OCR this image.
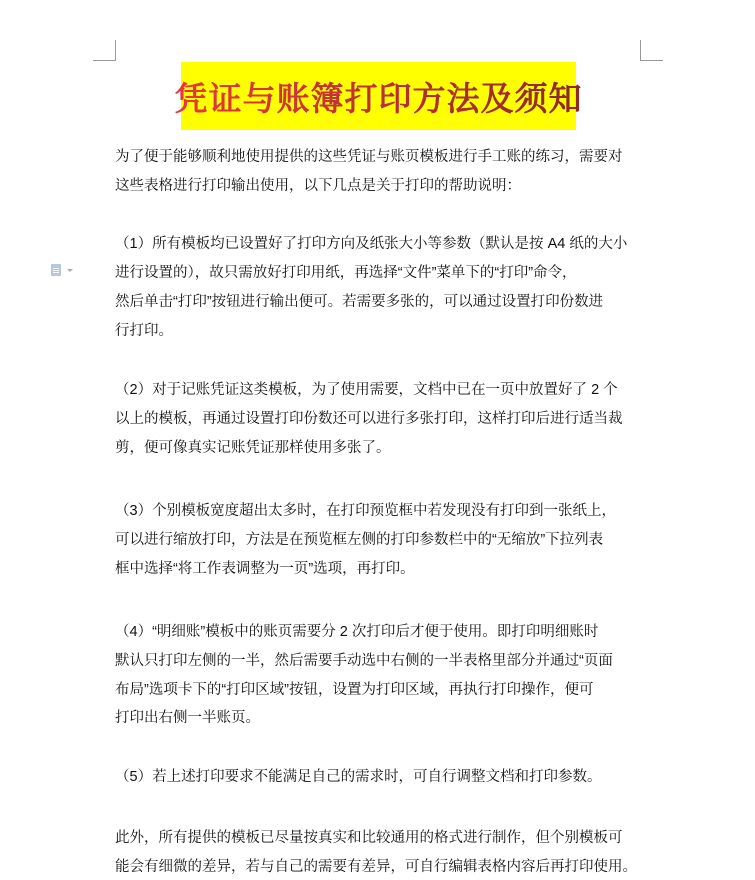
凭证与账簿打印方法及须知
为了便于能够顺利地使用提供的这些凭证与账页模板进行手工账的练习，需要对
这些表格进行打印输出使用，以下几点是关于打印的帮助说明：
（1）所有模板均已设置好了打印方向及纸张大小等参数（默认是按 A4 纸的大小
进行设置的），故只需放好打印用纸，再选择“文件”菜单下的“打印”命令，
然后单击“打印”按钮进行输出便可。若需要多张的，可以通过设置打印份数进
行打印。
（2）对于记账凭证这类模板，为了使用需要，文档中已在一页中放置好了 2 个
以上的模板，再通过设置打印份数还可以进行多张打印，这样打印后进行适当裁
剪，便可像真实记账凭证那样使用多张了。
（3）个别模板宽度超出太多时，在打印预览框中若发现没有打印到一张纸上，
可以进行缩放打印，方法是在预览框左侧的打印参数栏中的“无缩放”下拉列表
框中选择“将工作表调整为一页”选项，再打印。
（4）“明细账”模板中的账页需要分 2 次打印后才便于使用。即打印明细账时
默认只打印左侧的一半，然后需要手动选中右侧的一半表格里部分并通过“页面
布局”选项卡下的“打印区域”按钮，设置为打印区域，再执行打印操作，便可
打印出右侧一半账页。
（5）若上述打印要求不能满足自己的需求时，可自行调整文档和打印参数。
此外，所有提供的模板已尽量按真实和比较通用的格式进行制作，但个别模板可
能会有细微的差异，若与自己的需要有差异，可自行编辑表格内容后再打印使用。
